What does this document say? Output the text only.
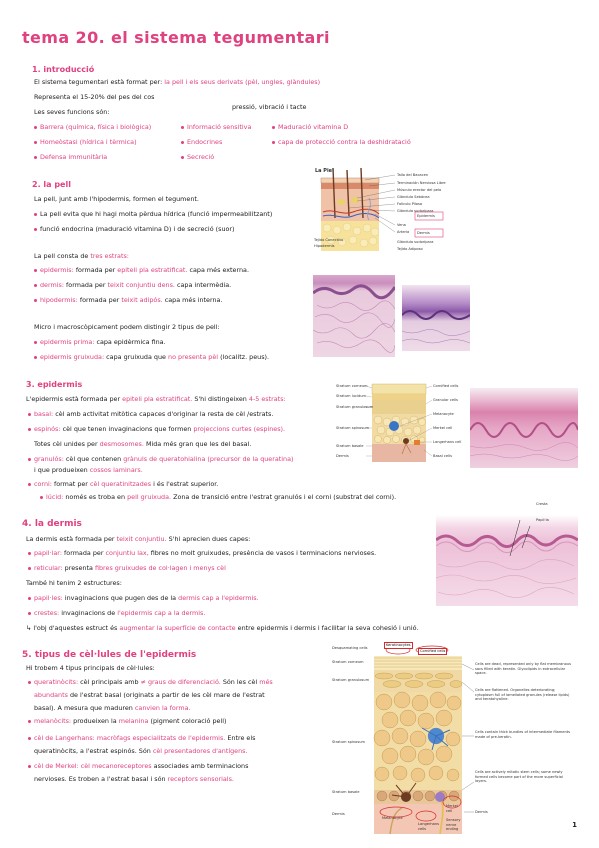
tema 20. el sistema tegumentari
1. introducció
El sistema tegumentari està format per: la pell i els seus derivats (pèl, ungles, glàndules)
Representa el 15-20% del pes del cos
Les seves funcions són:
pressió, vibració i tacte
Barrera (química, física i biològica)	Informació sensitiva	Maduració vitamina D
Homeòstasi (hídrica i tèrmica)	Endocrines	capa de protecció contra la deshidratació
Defensa immunitària	Secreció
2. la pell
La pell, junt amb l'hipodermis, formen el tegument.
La pell evita que hi hagi molta pèrdua hídrica (funció impermeabilitzant)
funció endocrina (maduració vitamina D) i de secreció (suor)
La pell consta de tres estrats:
epidermis: formada per epiteli pla estratificat. capa més externa.
dermis: formada per teixit conjuntiu dens. capa intermèdia.
hipodermis: formada per teixit adipós. capa més interna.
Micro i macroscòpicament podem distingir 2 tipus de pell:
epidermis prima: capa epidèrmica fina.
epidermis gruixuda: capa gruixuda que no presenta pèl (localitz. peus).
La Piel
Tallo del Bacacen
Terminación Nerviosa Libre
Músculo erector del pelo
Glándula Sebácea
Folículo Piloso
Glándula sudorípara
Epidermis
Vena
Arteria Dermis
Tejido Conectivo
Hipodermis
Glándula sudorípara
Tejido Adiposo
3. epidermis
L'epidermis està formada per epiteli pla estratificat. S'hi distingeixen 4-5 estrats:
basal: cèl amb activitat mitòtica capaces d'originar la resta de cèl /estrats.
espinós: cèl que tenen invaginacions que formen projeccions curtes (espines).
Totes cèl unides per desmosomes. Mida més gran que les del basal.
granulós: cèl que contenen grànuls de queratohialina (precursor de la queratina)
i que produeixen cossos laminars.
corni: format per cèl queratinitzades i és l'estrat superior.
lúcid: només es troba en pell gruixuda. Zona de transició entre l'estrat granulós i el corni (substrat del corni).
Stratum corneum
Stratum lucidum
Stratum granulosum
Stratum spinosum
Stratum basale
Dermis
Cornified cells
Granular cells
Melanocyte
Merkel cell
Langerhans cell
Basal cells
4. la dermis
La dermis està formada per teixit conjuntiu. S'hi aprecien dues capes:
papil·lar: formada per conjuntiu lax, fibres no molt gruixudes, presència de vasos i terminacions nervioses.
reticular: presenta fibres gruixudes de col·lagen i menys cèl
També hi tenim 2 estructures:
papil·les: invaginacions que pugen des de la dermis cap a l'epidermis.
crestes: invaginacions de l'epidermis cap a la dermis.
↳ l'obj d'aquestes estruct és augmentar la superfície de contacte entre epidermis i dermis i facilitar la seva cohesió i unió.
Cresta
Papil·la
5. tipus de cèl·lules de l'epidermis
Hi trobem 4 tipus principals de cèl·lules:
queratinòcits: cèl principals amb ≠ graus de diferenciació. Són les cèl més
abundants de l'estrat basal (originats a partir de les cèl mare de l'estrat
basal). A mesura que maduren canvien la forma.
melanòcits: produeixen la melanina (pigment coloració pell)
cèl de Langerhans: macròfags especialitzats de l'epidermis. Entre els
queratinòcits, a l'estrat espinós. Són cèl presentadores d'antígens.
cèl de Merkel: cèl mecanoreceptores associades amb terminacions
nervioses. Es troben a l'estrat basal i són receptors sensorials.
Keratinocytes
Desquamating cells
Cornified cells
Stratum corneum
Stratum granulosum
Stratum spinosum
Stratum basale
Dermis
Cells are dead, represented only by flat membranous sacs filled with keratin. Glycolipids in extracellular space.
Cells are flattened. Organelles deteriorating; cytoplasm full of lamellated granules (release lipids) and keratohyaline.
Cells contain thick bundles of intermediate filaments made of pre-keratin.
Cells are actively mitotic stem cells; some newly formed cells become part of the more superficial layers.
Melanocyte
Langerhans cells
Merkel cell
Sensory nerve ending
Dermis
1
